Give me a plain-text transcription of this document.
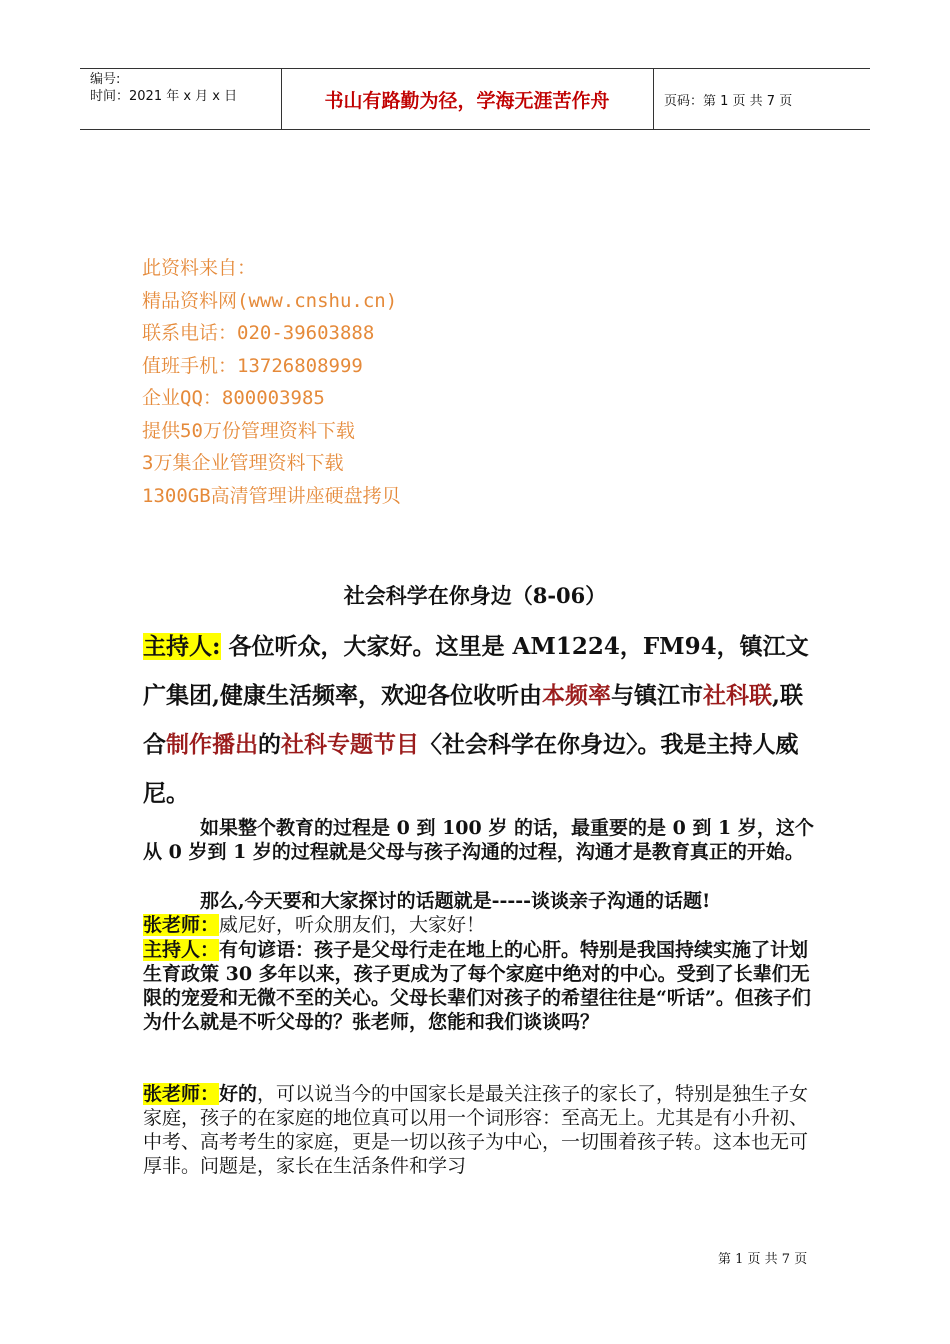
编号:
时间：2021 年 x 月 x 日	书山有路勤为径，学海无涯苦作舟	页码：第 1 页 共 7 页
此资料来自：
精品资料网(www.cnshu.cn)
联系电话：020-39603888
值班手机：13726808999
企业QQ：800003985
提供50万份管理资料下载
3万集企业管理资料下载
1300GB高清管理讲座硬盘拷贝
社会科学在你身边（8-06）
主持人: 各位听众，大家好。这里是 AM1224，FM94，镇江文广集团,健康生活频率，欢迎各位收听由本频率与镇江市社科联,联合制作播出的社科专题节目〈社会科学在你身边〉。我是主持人威尼。
如果整个教育的过程是 0 到 100 岁 的话，最重要的是 0 到 1 岁，这个从 0 岁到 1 岁的过程就是父母与孩子沟通的过程，沟通才是教育真正的开始。
那么,今天要和大家探讨的话题就是-----谈谈亲子沟通的话题!
张老师：威尼好，听众朋友们，大家好！
主持人：有句谚语：孩子是父母行走在地上的心肝。特别是我国持续实施了计划生育政策 30 多年以来，孩子更成为了每个家庭中绝对的中心。受到了长辈们无限的宠爱和无微不至的关心。父母长辈们对孩子的希望往往是“听话”。但孩子们为什么就是不听父母的？张老师，您能和我们谈谈吗？
张老师：好的，可以说当今的中国家长是最关注孩子的家长了，特别是独生子女家庭，孩子的在家庭的地位真可以用一个词形容：至高无上。尤其是有小升初、中考、高考考生的家庭，更是一切以孩子为中心，一切围着孩子转。这本也无可厚非。问题是，家长在生活条件和学习
第 1 页 共 7 页
